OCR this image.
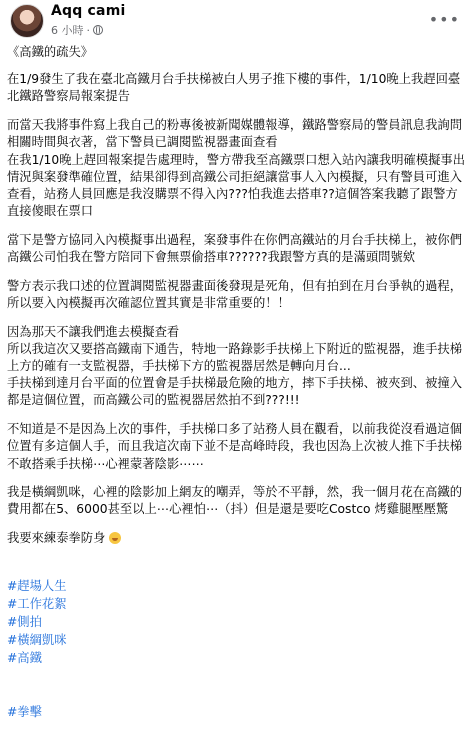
Aqq cami
6 小時 ·
•••

《高鐵的疏失》

在1/9發生了我在臺北高鐵月台手扶梯被白人男子推下樓的事件，1/10晚上我趕回臺北鐵路警察局報案提告

而當天我將事件寫上我自己的粉專後被新聞媒體報導，鐵路警察局的警員訊息我詢問相關時間與衣著，當下警員已調閱監視器畫面查看
在我1/10晚上趕回報案提告處理時，警方帶我至高鐵票口想入站內讓我明確模擬事出情況與案發準確位置，結果卻得到高鐵公司拒絕讓當事人入內模擬，只有警員可進入查看，站務人員回應是我沒購票不得入內???怕我進去搭車??這個答案我聽了跟警方直接傻眼在票口

當下是警方協同入內模擬事出過程，案發事件在你們高鐵站的月台手扶梯上，被你們高鐵公司怕我在警方陪同下會無票偷搭車??????我跟警方真的是滿頭問號欸

警方表示我口述的位置調閱監視器畫面後發現是死角，但有拍到在月台爭執的過程，所以要入內模擬再次確認位置其實是非常重要的！！

因為那天不讓我們進去模擬查看
所以我這次又要搭高鐵南下通告，特地一路錄影手扶梯上下附近的監視器，進手扶梯上方的確有一支監視器，手扶梯下方的監視器居然是轉向月台...
手扶梯到達月台平面的位置會是手扶梯最危險的地方，摔下手扶梯、被夾到、被撞入都是這個位置，而高鐵公司的監視器居然拍不到???!!!

不知道是不是因為上次的事件，手扶梯口多了站務人員在觀看，以前我從沒看過這個位置有多這個人手，而且我這次南下並不是高峰時段，我也因為上次被人推下手扶梯不敢搭乘手扶梯⋯心裡蒙著陰影⋯⋯

我是橫綱凱咪，心裡的陰影加上網友的嘲弄，等於不平靜，然，我一個月花在高鐵的費用都在5、6000甚至以上⋯心裡怕⋯（抖）但是還是要吃Costco 烤雞腿壓壓驚

我要來練泰拳防身

#趕場人生
#工作花絮
#側拍
#橫綱凱咪
#高鐵

#拳擊
